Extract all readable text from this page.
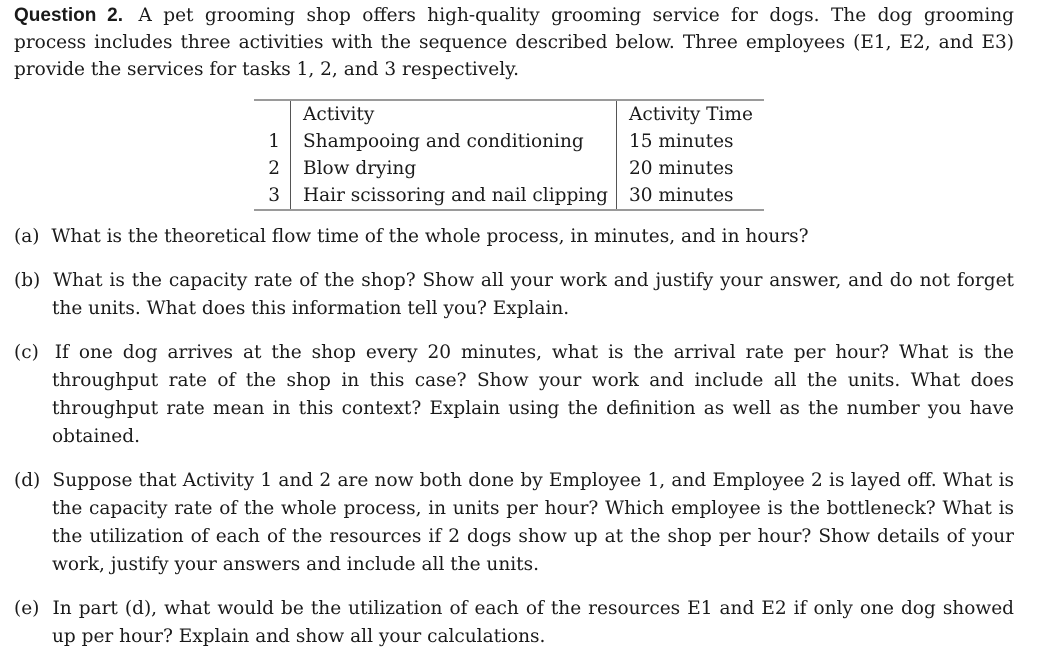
Question 2. A pet grooming shop offers high-quality grooming service for dogs. The dog grooming process includes three activities with the sequence described below. Three employees (E1, E2, and E3) provide the services for tasks 1, 2, and 3 respectively.

	Activity	Activity Time
1	Shampooing and conditioning	15 minutes
2	Blow drying	20 minutes
3	Hair scissoring and nail clipping	30 minutes

(a) What is the theoretical flow time of the whole process, in minutes, and in hours?

(b) What is the capacity rate of the shop? Show all your work and justify your answer, and do not forget the units. What does this information tell you? Explain.

(c) If one dog arrives at the shop every 20 minutes, what is the arrival rate per hour? What is the throughput rate of the shop in this case? Show your work and include all the units. What does throughput rate mean in this context? Explain using the definition as well as the number you have obtained.

(d) Suppose that Activity 1 and 2 are now both done by Employee 1, and Employee 2 is layed off. What is the capacity rate of the whole process, in units per hour? Which employee is the bottleneck? What is the utilization of each of the resources if 2 dogs show up at the shop per hour? Show details of your work, justify your answers and include all the units.

(e) In part (d), what would be the utilization of each of the resources E1 and E2 if only one dog showed up per hour? Explain and show all your calculations.
